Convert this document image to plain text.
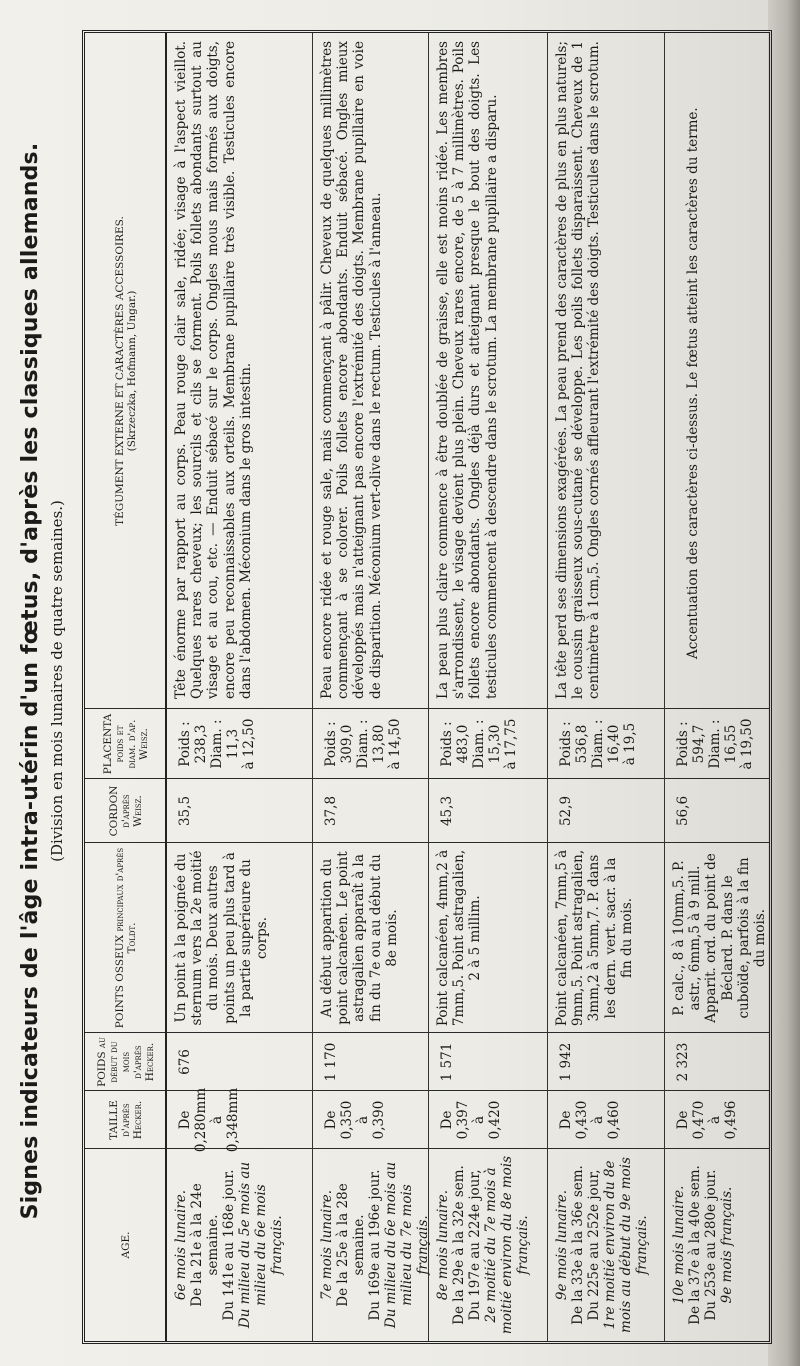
Signes indicateurs de l'âge intra-utérin d'un fœtus, d'après les classiques allemands. (Division en mois lunaires de quatre semaines.)
AGE.
TAILLE d'après Hecker.
POIDS au début du mois d'après Hecker.
POINTS OSSEUX principaux d'après Toldt.
CORDON d'après Weisz.
PLACENTA poids et diam. d'ap. Weisz.
TÉGUMENT EXTERNE ET CARACTÈRES ACCESSOIRES. (Skrzeczka, Hofmann, Ungar.)
6e mois lunaire. De la 21e à la 24e semaine. Du 141e au 168e jour. Du milieu du 5e mois au milieu du 6e mois français.
De 0,280mm à 0,348mm
676
Un point à la poignée du sternum vers la 2e moitié du mois. Deux autres points un peu plus tard à la partie supérieure du corps.
35,5
Poids : 238,3 Diam. : 11,3 à 12,50
Tête énorme par rapport au corps. Peau rouge clair sale, ridée; visage à l'aspect vieillot. Quelques rares cheveux; les sourcils et cils se forment. Poils follets abondants surtout au visage et au cou, etc. — Enduit sébacé sur le corps. Ongles mous mais formés aux doigts, encore peu reconnaissables aux orteils. Membrane pupillaire très visible. Testicules encore dans l'abdomen. Méconium dans le gros intestin.
7e mois lunaire. De la 25e à la 28e semaine. Du 169e au 196e jour. Du milieu du 6e mois au milieu du 7e mois français.
De 0,350 à 0,390
1 170
Au début apparition du point calcanéen. Le point astragalien apparaît à la fin du 7e ou au début du 8e mois.
37,8
Poids : 309,0 Diam. : 13,80 à 14,50
Peau encore ridée et rouge sale, mais commençant à pâlir. Cheveux de quelques millimètres commençant à se colorer. Poils follets encore abondants. Enduit sébacé. Ongles mieux développés mais n'atteignant pas encore l'extrémité des doigts. Membrane pupillaire en voie de disparition. Méconium vert-olive dans le rectum. Testicules à l'anneau.
8e mois lunaire. De la 29e à la 32e sem. Du 197e au 224e jour, 2e moitié du 7e mois à moitié environ du 8e mois français.
De 0,397 à 0,420
1 571
Point calcanéen, 4mm,2 à 7mm,5. Point astragalien, 2 à 5 millim.
45,3
Poids : 483,0 Diam. : 15,30 à 17,75
La peau plus claire commence à être doublée de graisse, elle est moins ridée. Les membres s'arrondissent, le visage devient plus plein. Cheveux rares encore, de 5 à 7 millimètres. Poils follets encore abondants. Ongles déjà durs et atteignant presque le bout des doigts. Les testicules commencent à descendre dans le scrotum. La membrane pupillaire a disparu.
9e mois lunaire. De la 33e à la 36e sem. Du 225e au 252e jour, 1re moitié environ du 8e mois au début du 9e mois français.
De 0,430 à 0,460
1 942
Point calcanéen, 7mm,5 à 9mm,5. Point astragalien, 3mm,2 à 5mm,7. P. dans les dern. vert. sacr. à la fin du mois.
52,9
Poids : 536,8 Diam. : 16,40 à 19,5
La tête perd ses dimensions exagérées. La peau prend des caractères de plus en plus naturels; le coussin graisseux sous-cutané se développe. Les poils follets disparaissent. Cheveux de 1 centimètre à 1cm,5. Ongles cornés affleurant l'extrémité des doigts. Testicules dans le scrotum.
10e mois lunaire. De la 37e à la 40e sem. Du 253e au 280e jour. 9e mois français.
De 0,470 à 0,496
2 323
P. calc., 8 à 10mm,5. P. astr., 6mm,5 à 9 mill. Apparit. ord. du point de Béclard. P. dans le cuboïde, parfois à la fin du mois.
56,6
Poids : 594,7 Diam. : 16,55 à 19,50
Accentuation des caractères ci-dessus. Le fœtus atteint les caractères du terme.
